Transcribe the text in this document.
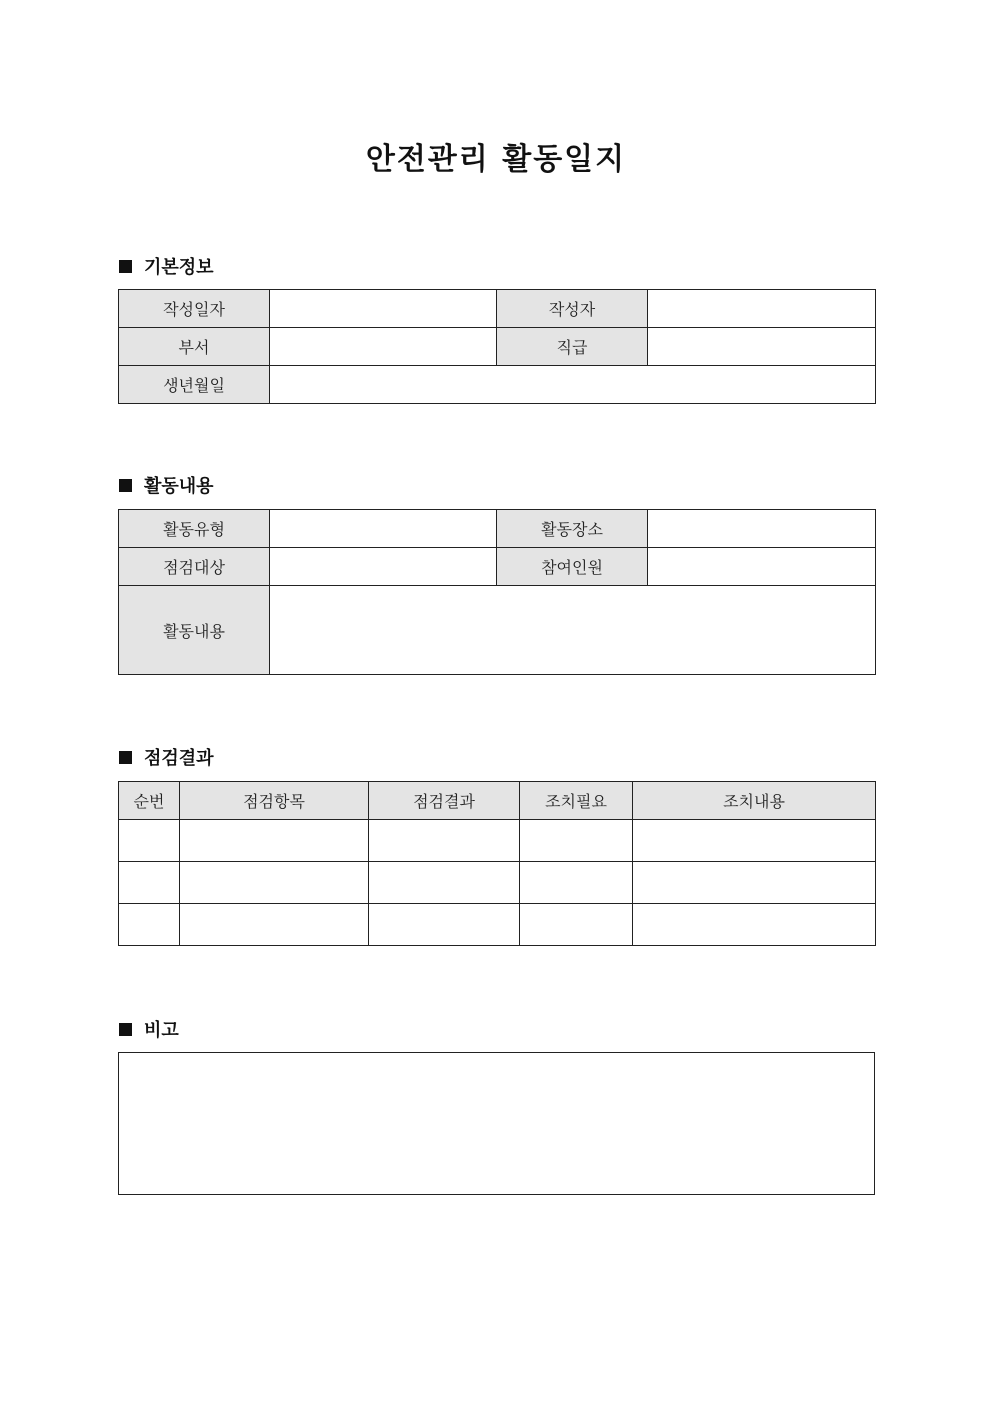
안전관리 활동일지
기본정보
작성일자		작성자	
부서		직급	
생년월일			
활동내용
활동유형		활동장소	
점검대상		참여인원	
활동내용			
점검결과
순번	점검항목	점검결과	조치필요	조치내용

비고
